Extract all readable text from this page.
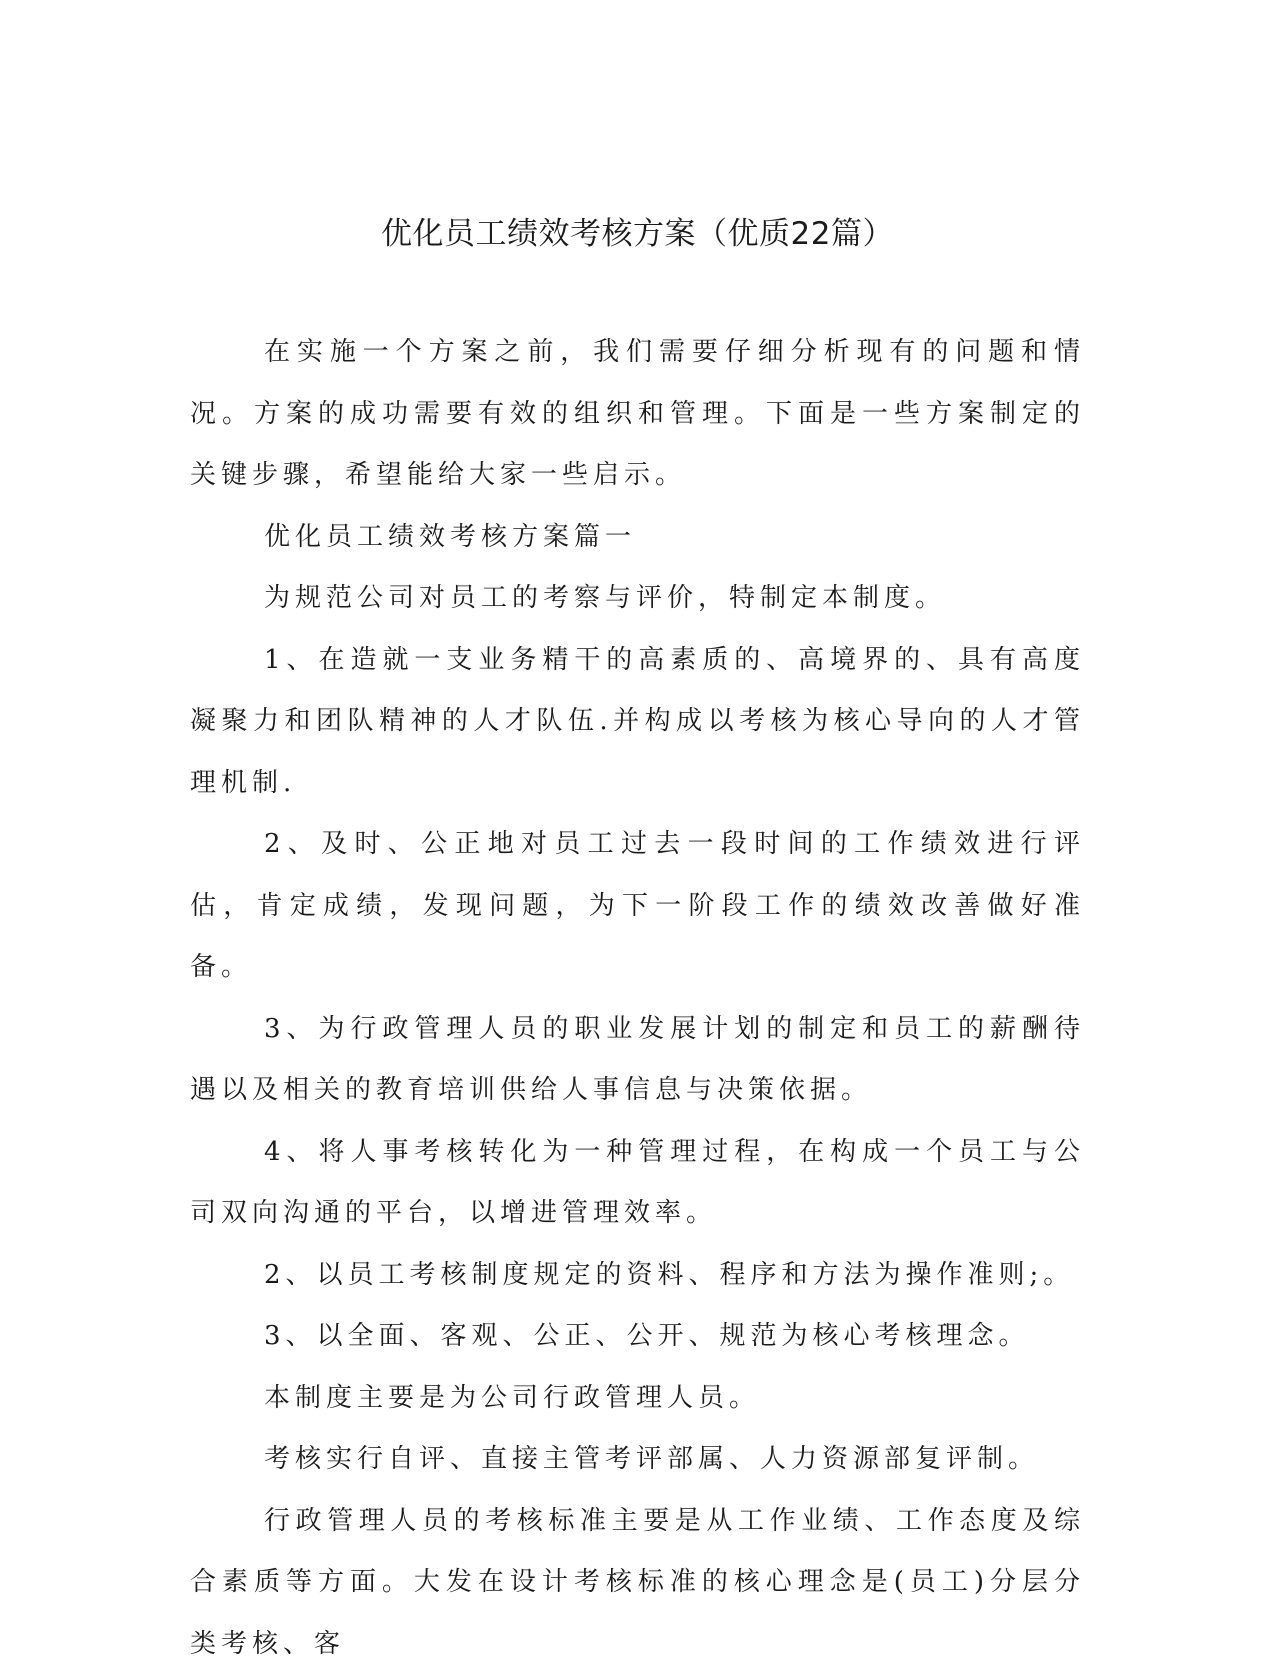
优化员工绩效考核方案（优质22篇）

在实施一个方案之前，我们需要仔细分析现有的问题和情况。方案的成功需要有效的组织和管理。下面是一些方案制定的关键步骤，希望能给大家一些启示。

优化员工绩效考核方案篇一

为规范公司对员工的考察与评价，特制定本制度。

1、在造就一支业务精干的高素质的、高境界的、具有高度凝聚力和团队精神的人才队伍.并构成以考核为核心导向的人才管理机制.

2、及时、公正地对员工过去一段时间的工作绩效进行评估，肯定成绩，发现问题，为下一阶段工作的绩效改善做好准备。

3、为行政管理人员的职业发展计划的制定和员工的薪酬待遇以及相关的教育培训供给人事信息与决策依据。

4、将人事考核转化为一种管理过程，在构成一个员工与公司双向沟通的平台，以增进管理效率。

2、以员工考核制度规定的资料、程序和方法为操作准则;。

3、以全面、客观、公正、公开、规范为核心考核理念。

本制度主要是为公司行政管理人员。

考核实行自评、直接主管考评部属、人力资源部复评制。

行政管理人员的考核标准主要是从工作业绩、工作态度及综合素质等方面。大发在设计考核标准的核心理念是(员工)分层分类考核、客
